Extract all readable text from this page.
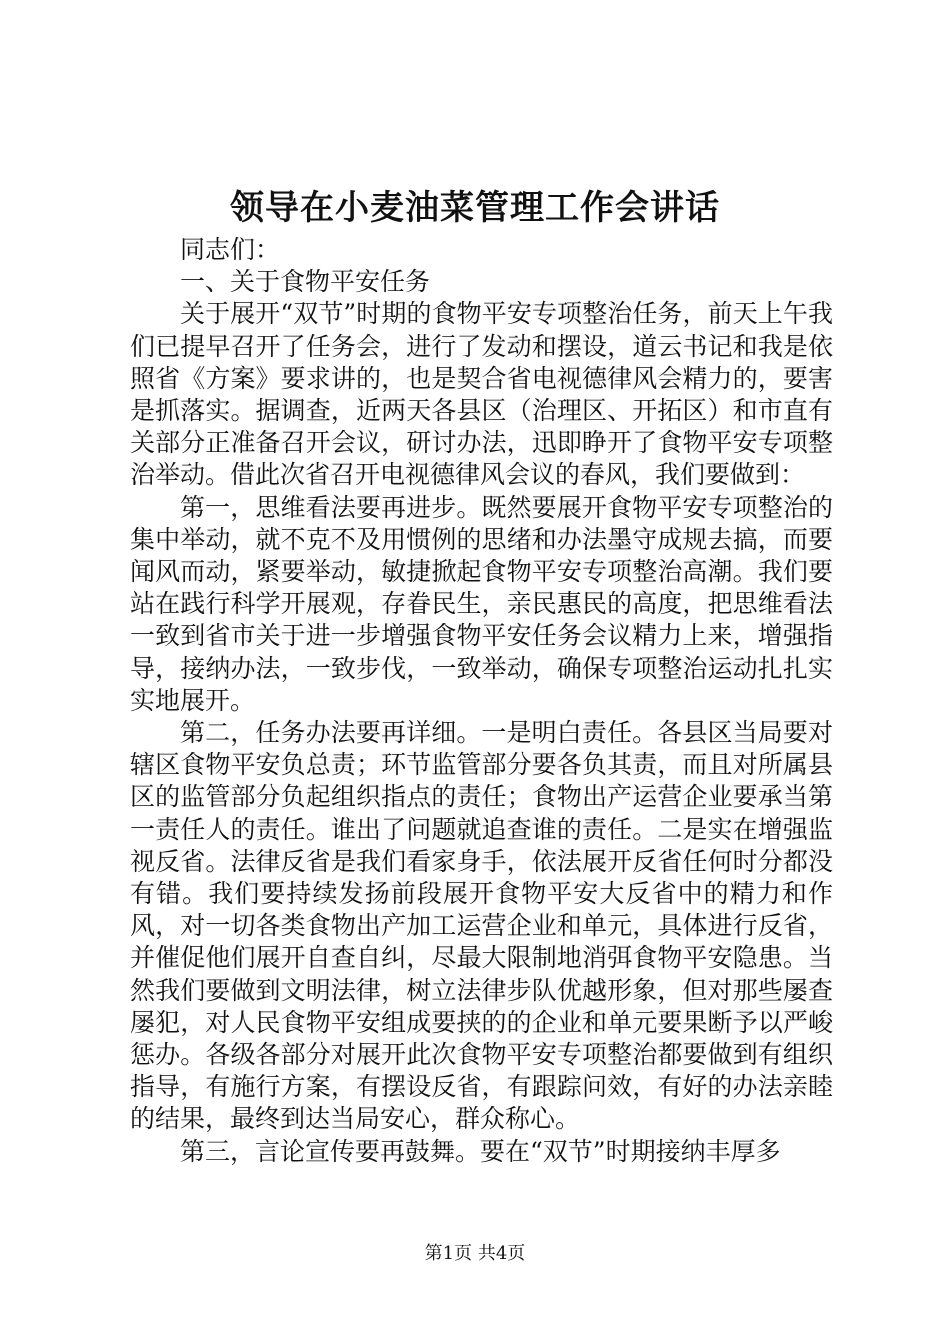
领导在小麦油菜管理工作会讲话

同志们：

一、关于食物平安任务

关于展开“双节”时期的食物平安专项整治任务，前天上午我们已提早召开了任务会，进行了发动和摆设，道云书记和我是依照省《方案》要求讲的，也是契合省电视德律风会精力的，要害是抓落实。据调查，近两天各县区（治理区、开拓区）和市直有关部分正准备召开会议，研讨办法，迅即睁开了食物平安专项整治举动。借此次省召开电视德律风会议的春风，我们要做到：

第一，思维看法要再进步。既然要展开食物平安专项整治的集中举动，就不克不及用惯例的思绪和办法墨守成规去搞，而要闻风而动，紧要举动，敏捷掀起食物平安专项整治高潮。我们要站在践行科学开展观，存眷民生，亲民惠民的高度，把思维看法一致到省市关于进一步增强食物平安任务会议精力上来，增强指导，接纳办法，一致步伐，一致举动，确保专项整治运动扎扎实实地展开。

第二，任务办法要再详细。一是明白责任。各县区当局要对辖区食物平安负总责；环节监管部分要各负其责，而且对所属县区的监管部分负起组织指点的责任；食物出产运营企业要承当第一责任人的责任。谁出了问题就追查谁的责任。二是实在增强监视反省。法律反省是我们看家身手，依法展开反省任何时分都没有错。我们要持续发扬前段展开食物平安大反省中的精力和作风，对一切各类食物出产加工运营企业和单元，具体进行反省，并催促他们展开自查自纠，尽最大限制地消弭食物平安隐患。当然我们要做到文明法律，树立法律步队优越形象，但对那些屡查屡犯，对人民食物平安组成要挟的的企业和单元要果断予以严峻惩办。各级各部分对展开此次食物平安专项整治都要做到有组织指导，有施行方案，有摆设反省，有跟踪问效，有好的办法亲睦的结果，最终到达当局安心，群众称心。

第三，言论宣传要再鼓舞。要在“双节”时期接纳丰厚多

第1页 共4页
